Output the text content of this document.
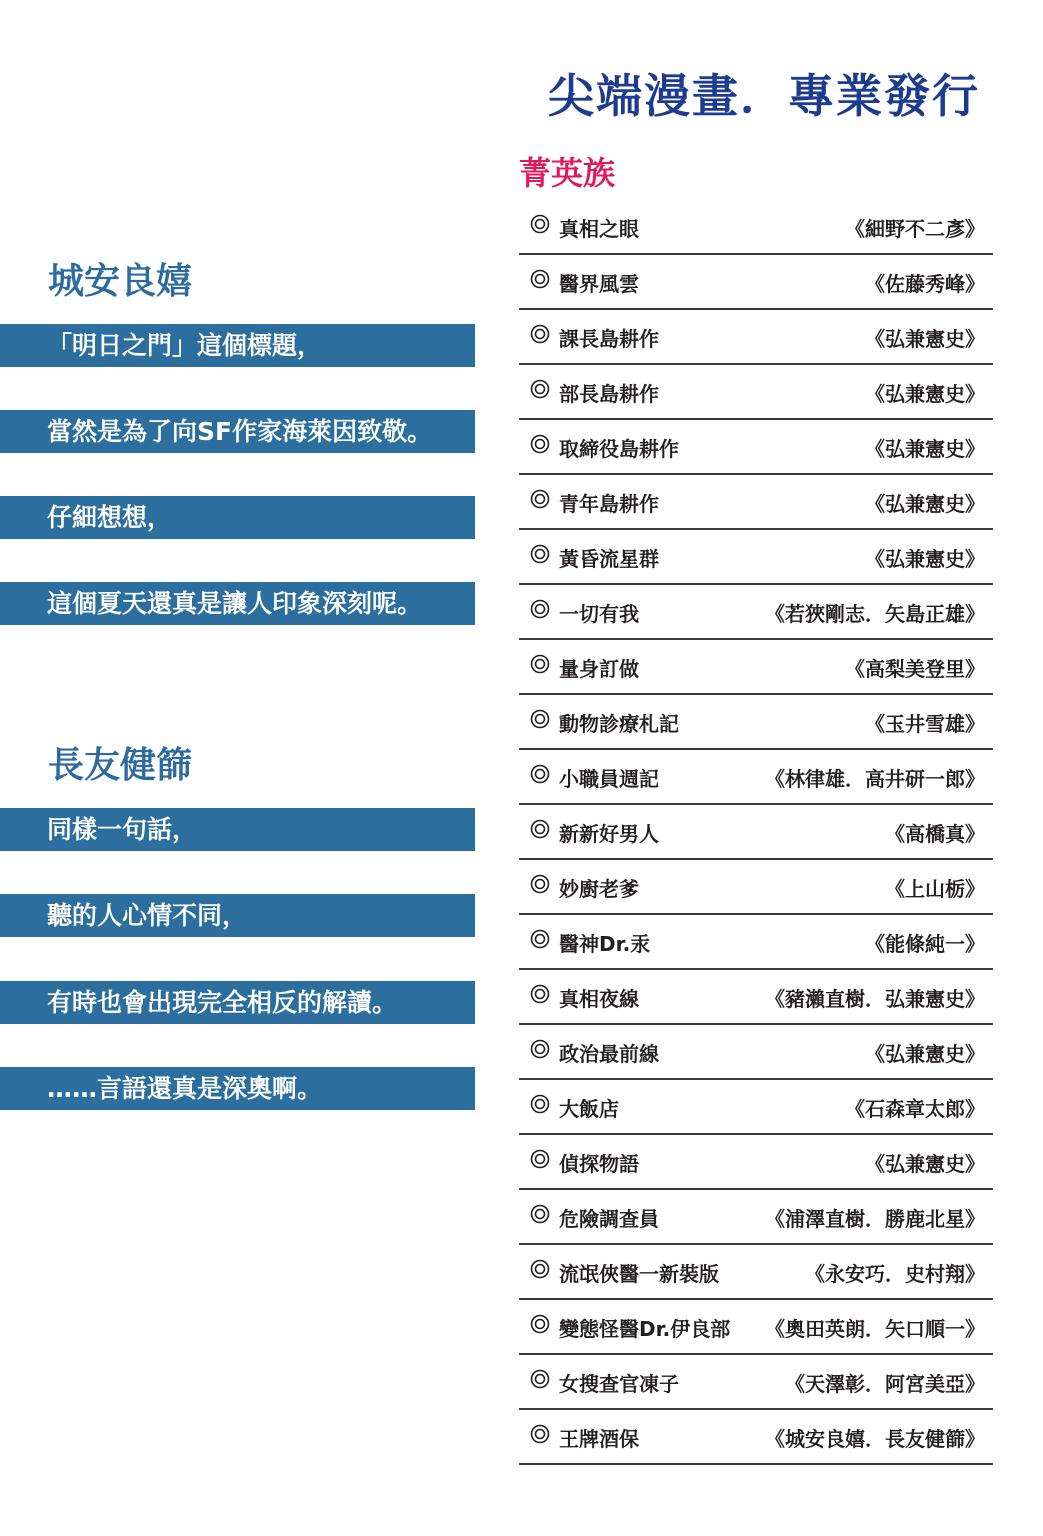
尖端漫畫．專業發行
菁英族
城安良嬉
「明日之門」這個標題，
當然是為了向SF作家海萊因致敬。
仔細想想，
這個夏天還真是讓人印象深刻呢。
長友健篩
同樣一句話，
聽的人心情不同，
有時也會出現完全相反的解讀。
……言語還真是深奧啊。
真相之眼	《細野不二彥》
醫界風雲	《佐藤秀峰》
課長島耕作	《弘兼憲史》
部長島耕作	《弘兼憲史》
取締役島耕作	《弘兼憲史》
青年島耕作	《弘兼憲史》
黃昏流星群	《弘兼憲史》
一切有我	《若狹剛志．矢島正雄》
量身訂做	《高梨美登里》
動物診療札記	《玉井雪雄》
小職員週記	《林律雄．高井研一郎》
新新好男人	《高橋真》
妙廚老爹	《上山栃》
醫神Dr.汞	《能條純一》
真相夜線	《豬瀨直樹．弘兼憲史》
政治最前線	《弘兼憲史》
大飯店	《石森章太郎》
偵探物語	《弘兼憲史》
危險調查員	《浦澤直樹．勝鹿北星》
流氓俠醫一新裝版	《永安巧．史村翔》
變態怪醫Dr.伊良部 《奧田英朗．矢口順一》
女搜查官凍子	《天澤彰．阿宮美亞》
王牌酒保	《城安良嬉．長友健篩》
